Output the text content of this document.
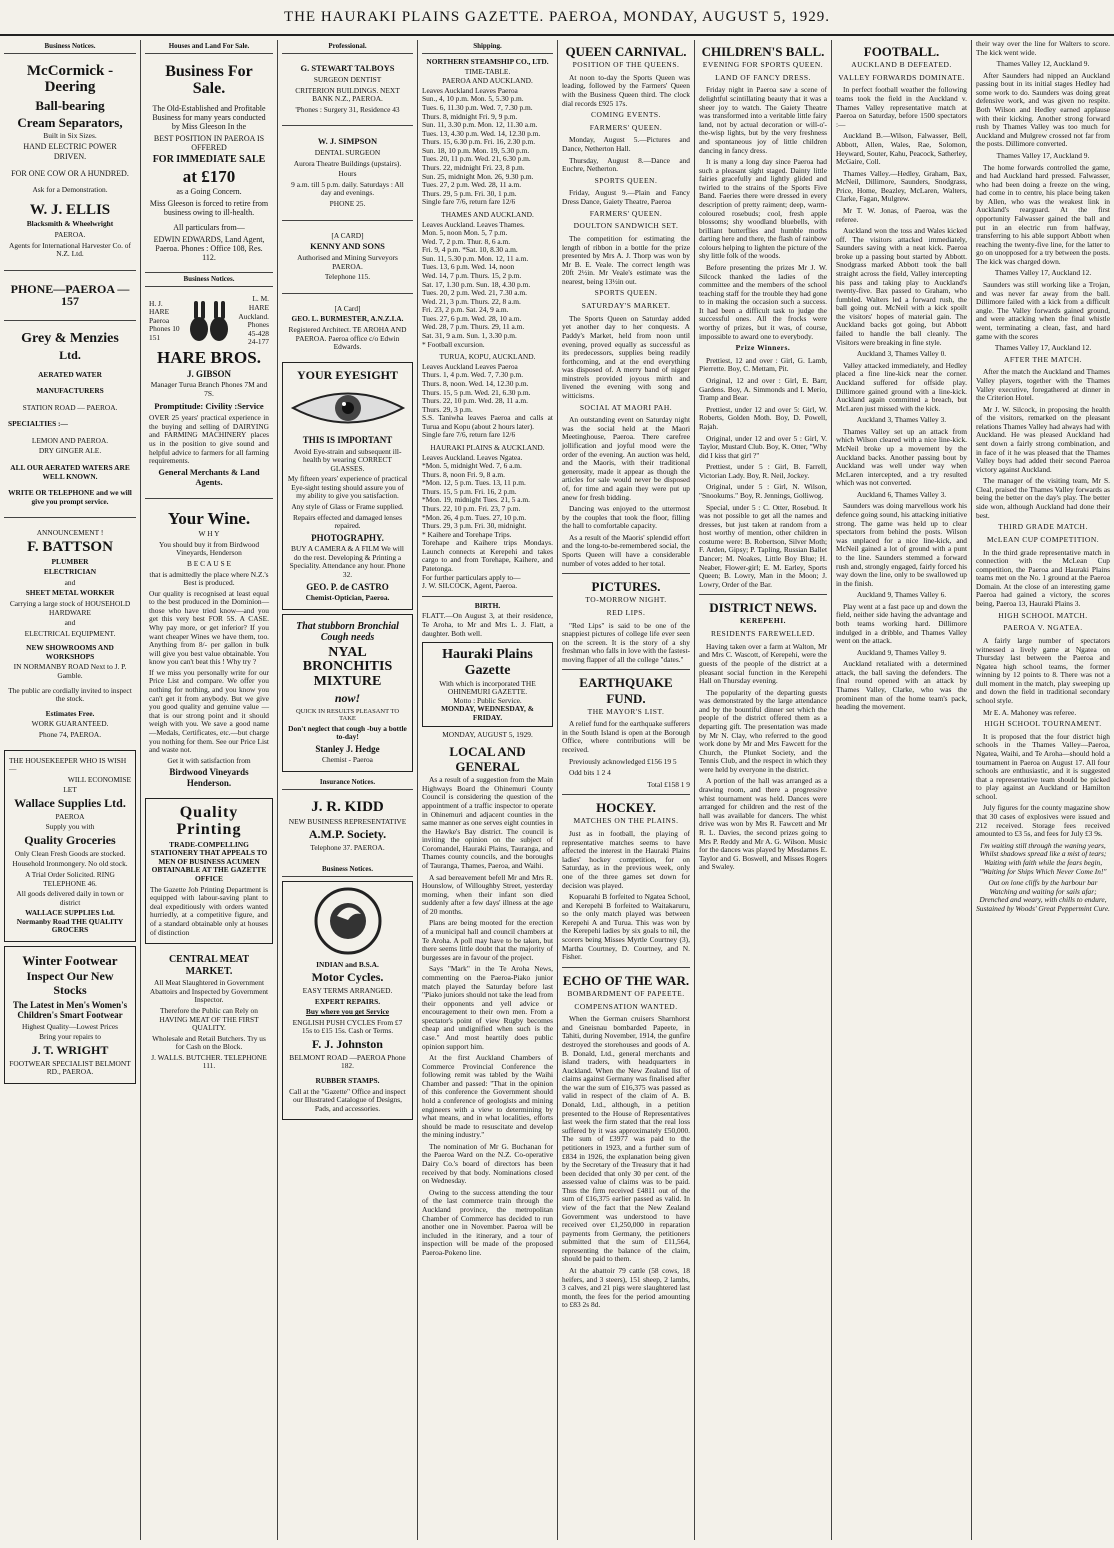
THE HAURAKI PLAINS GAZETTE. PAEROA, MONDAY, AUGUST 5, 1929.
Business Notices.

McCormick - Deering

Ball-bearing

Cream Separators,

Built in Six Sizes.

HAND ELECTRIC POWER DRIVEN.

FOR ONE COW OR A HUNDRED.

Ask for a Demonstration.

W. J. ELLIS

Blacksmith & Wheelwright

PAEROA.

Agents for International Harvester Co. of N.Z. Ltd.

PHONE—PAEROA —157

Grey & Menzies

Ltd.

AERATED WATER

MANUFACTURERS

STATION ROAD — PAEROA.

SPECIALTIES :—

LEMON AND PAEROA.

DRY GINGER ALE.

ALL OUR AERATED WATERS ARE WELL KNOWN.

WRITE OR TELEPHONE and we will give you prompt service.

ANNOUNCEMENT !

F. BATTSON

PLUMBER

ELECTRICIAN

and

SHEET METAL WORKER

Carrying a large stock of HOUSEHOLD HARDWARE

and

ELECTRICAL EQUIPMENT.

NEW SHOWROOMS AND WORKSHOPS

IN NORMANBY ROAD Next to J. P. Gamble.

The public are cordially invited to inspect the stock.

Estimates Free.

WORK GUARANTEED.

Phone 74, PAEROA.

THE HOUSEKEEPER WHO IS WISH—

WILL ECONOMISE

LET

Wallace Supplies Ltd.

PAEROA

Supply you with

Quality Groceries

Only Clean Fresh Goods are stocked.

Household Ironmongery. No old stock.

A Trial Order Solicited. RING TELEPHONE 46.

All goods delivered daily in town or district

WALLACE SUPPLIES Ltd. Normanby Road THE QUALITY GROCERS

Winter Footwear

Inspect Our New Stocks

The Latest in Men's Women's Children's Smart Footwear

Highest Quality—Lowest Prices

Bring your repairs to

J. T. WRIGHT

FOOTWEAR SPECIALIST BELMONT RD., PAEROA.

Houses and Land For Sale.

Business For Sale.

The Old-Established and Profitable Business for many years conducted by Miss Gleeson In the

BEST POSITION IN PAEROA IS OFFERED

FOR IMMEDIATE SALE

at £170

as a Going Concern.

Miss Gleeson is forced to retire from business owing to ill-health.

All particulars from—

EDWIN EDWARDS, Land Agent, Paeroa. Phones : Office 108, Res. 112.

Business Notices.
H. J. HARE Paeroa Phones 10 151
L. M. HARE Auckland. Phones 45-428 24-177

HARE BROS.

J. GIBSON

Manager Turua Branch Phones 7M and 7S.

Promptitude: Civility :Service

OVER 25 years' practical experience in the buying and selling of DAIRYING and FARMING MACHINERY places us in the position to give sound and helpful advice to farmers for all farming requirements.

General Merchants & Land Agents.

Your Wine.

W H Y

You should buy it from Birdwood Vineyards, Henderson

B E C A U S E

that is admittedly the place where N.Z.'s Best is produced.

Our quality is recognised at least equal to the best produced in the Dominion—those who have tried know—and you get this very best FOR 5S. A CASE. Why pay more, or get inferior? If you want cheaper Wines we have them, too. Anything from 8/- per gallon in bulk will give you best value obtainable. You know you can't beat this ! Why try ?

If we miss you personally write for our Price List and compare. We offer you nothing for nothing, and you know you can't get it from anybody. But we give you good quality and genuine value — that is our strong point and it should weigh with you. We save a good name—Medals, Certificates, etc.—but charge you nothing for them. See our Price List and waste not.

Get it with satisfaction from

Birdwood Vineyards Henderson.

Quality Printing

TRADE-COMPELLING STATIONERY THAT APPEALS TO MEN OF BUSINESS ACUMEN OBTAINABLE AT THE GAZETTE OFFICE

The Gazette Job Printing Department is equipped with labour-saving plant to deal expeditiously with orders wanted hurriedly, at a competitive figure, and of a standard obtainable only at houses of distinction

CENTRAL MEAT MARKET.

All Meat Slaughtered in Government Abattoirs and Inspected by Government Inspector.

Therefore the Public can Rely on HAVING MEAT OF THE FIRST QUALITY.

Wholesale and Retail Butchers. Try us for Cash on the Block.

J. WALLS. BUTCHER. TELEPHONE 111.

Professional.

G. STEWART TALBOYS

SURGEON DENTIST

CRITERION BUILDINGS. NEXT BANK N.Z., PAEROA.

'Phones : Surgery 31, Residence 43

W. J. SIMPSON

DENTAL SURGEON

Aurora Theatre Buildings (upstairs).

Hours

9 a.m. till 5 p.m. daily. Saturdays : All day and evenings.

PHONE 25.

[A CARD]

KENNY AND SONS

Authorised and Mining Surveyors PAEROA.

Telephone 115.

[A Card]

GEO. L. BURMESTER, A.N.Z.I.A.

Registered Architect. TE AROHA AND PAEROA. Paeroa office c/o Edwin Edwards.

YOUR EYESIGHT

THIS IS IMPORTANT

Avoid Eye-strain and subsequent ill-health by wearing CORRECT GLASSES.

My fifteen years' experience of practical Eye-sight testing should assure you of my ability to give you satisfaction.

Any style of Glass or Frame supplied.

Repairs effected and damaged lenses repaired.

PHOTOGRAPHY.

BUY A CAMERA & A FILM We will do the rest. Developing & Printing a Speciality. Attendance any hour. Phone 32.

GEO. P. de CASTRO

Chemist-Optician, Paeroa.

That stubborn Bronchial Cough needs

NYAL BRONCHITIS MIXTURE

now!

QUICK IN RESULTS PLEASANT TO TAKE

Don't neglect that cough -buy a bottle to-day!

Stanley J. Hedge

Chemist - Paeroa

Insurance Notices.

J. R. KIDD

NEW BUSINESS REPRESENTATIVE

A.M.P. Society.

Telephone 37. PAEROA.

Business Notices.

INDIAN and B.S.A.

Motor Cycles.

EASY TERMS ARRANGED.

EXPERT REPAIRS.

Buy where you get Service

ENGLISH PUSH CYCLES From £7 15s to £15 15s. Cash or Terms.

F. J. Johnston

BELMONT ROAD —PAEROA Phone 182.

RUBBER STAMPS.

Call at the "Gazette" Office and inspect our Illustrated Catalogue of Designs, Pads, and accessories.

Shipping.

NORTHERN STEAMSHIP CO., LTD.

TIME-TABLE.

PAEROA AND AUCKLAND.

Leaves Auckland Leaves Paeroa
Sun., 4, 10 p.m. Mon. 5, 5.30 p.m.
Tues. 6, 11.30 p.m. Wed. 7, 7.30 p.m.
Thurs. 8, midnight Fri. 9, 9 p.m.
Sun. 11, 3.30 p.m. Mon. 12, 11.30 a.m.
Tues. 13, 4.30 p.m. Wed. 14, 12.30 p.m.
Thurs. 15, 6.30 p.m. Fri. 16, 2.30 p.m.
Sun. 18, 10 p.m. Mon. 19, 5.30 p.m.
Tues. 20, 11 p.m. Wed. 21, 6.30 p.m.
Thurs. 22, midnight Fri. 23, 8 p.m.
Sun. 25, midnight Mon. 26, 9.30 p.m.
Tues. 27, 2 p.m. Wed. 28, 11 a.m.
Thurs. 29, 5 p.m. Fri. 30, 1 p.m.
Single fare 7/6, return fare 12/6

THAMES AND AUCKLAND.

Leaves Auckland. Leaves Thames.
Mon. 5, noon Mon. 5, 7 p.m.
Wed. 7, 2 p.m. Thur. 8, 6 a.m.
Fri. 9, 4 p.m. *Sat. 10, 8.30 a.m.
Sun. 11, 5.30 p.m. Mon. 12, 11 a.m.
Tues. 13, 6 p.m. Wed. 14, noon
Wed. 14, 7 p.m. Thurs. 15, 2 p.m.
Sat. 17, 1.30 p.m. Sun. 18, 4.30 p.m.
Tues. 20, 2 p.m. Wed. 21, 7.30 a.m.
Wed. 21, 3 p.m. Thurs. 22, 8 a.m.
Fri. 23, 2 p.m. Sat. 24, 9 a.m.
Tues. 27, 6 p.m. Wed. 28, 10 a.m.
Wed. 28, 7 p.m. Thurs. 29, 11 a.m.
Sat. 31, 9 a.m. Sun. 1, 3.30 p.m.
* Football excursion.

TURUA, KOPU, AUCKLAND.

Leaves Auckland Leaves Paeroa
Thurs. 1, 4 p.m. Wed. 7, 7.30 p.m.
Thurs. 8, noon. Wed. 14, 12.30 p.m.
Thurs. 15, 5 p.m. Wed. 21, 6.30 p.m.
Thurs. 22, 10 p.m. Wed. 28, 11 a.m.
Thurs. 29, 3 p.m.
S.S. Taniwha leaves Paeroa and calls at Turua and Kopu (about 2 hours later).
Single fare 7/6, return fare 12/6

HAURAKI PLAINS & AUCKLAND.

Leaves Auckland. Leaves Ngatea.
*Mon. 5, midnight Wed. 7, 6 a.m.
Thurs. 8, noon Fri. 9, 8 a.m.
*Mon. 12, 5 p.m. Tues. 13, 11 p.m.
Thurs. 15, 5 p.m. Fri. 16, 2 p.m.
*Mon. 19, midnight Tues. 21, 5 a.m.
Thurs. 22, 10 p.m. Fri. 23, 7 p.m.
*Mon. 26, 4 p.m. Tues. 27, 10 p.m.
Thurs. 29, 3 p.m. Fri. 30, midnight.
* Kaihere and Torehape Trips.
Torehape and Kaihere trips Mondays. Launch connects at Kerepehi and takes cargo to and from Torehape, Kaihere, and Patetonga.
For further particulars apply to—
J. W. SILCOCK, Agent, Paeroa.

BIRTH.

FLATT.—On August 3, at their residence, Te Aroha, to Mr and Mrs L. J. Flatt, a daughter. Both well.

Hauraki Plains Gazette
With which is incorporated THE OHINEMURI GAZETTE.
Motto : Public Service.
MONDAY, WEDNESDAY, & FRIDAY.

MONDAY, AUGUST 5, 1929.

LOCAL AND GENERAL

As a result of a suggestion from the Main Highways Board the Ohinemuri County Council is considering the question of the appointment of a traffic inspector to operate in Ohinemuri and adjacent counties in the same manner as one serves eight counties in the Hawke's Bay district. The council is inviting the opinion on the subject of Coromandel, Hauraki Plains, Tauranga, and Thames county councils, and the boroughs of Tauranga, Thames, Paeroa, and Waihi.

A sad bereavement befell Mr and Mrs R. Hounslow, of Willoughby Street, yesterday morning, when their infant son died suddenly after a few days' illness at the age of 20 months.

Plans are being mooted for the erection of a municipal hall and council chambers at Te Aroha. A poll may have to be taken, but there seems little doubt that the majority of burgesses are in favour of the project.

Says "Mark" in the Te Aroha News, commenting on the Paeroa-Piako junior match played the Saturday before last "Piako juniors should not take the lead from their opponents and yell advice or encouragement to their own men. From a spectator's point of view Rugby becomes cheap and undignified when such is the case." And most heartily does public opinion support him.

At the first Auckland Chambers of Commerce Provincial Conference the following remit was tabled by the Waihi Chamber and passed: "That in the opinion of this conference the Government should hold a conference of geologists and mining engineers with a view to determining by what means, and in what localities, efforts should be made to resuscitate and develop the mining industry."

The nomination of Mr G. Buchanan for the Paeroa Ward on the N.Z. Co-operative Dairy Co.'s board of directors has been received by that body. Nominations closed on Wednesday.

Owing to the success attending the tour of the last commerce train through the Auckland province, the metropolitan Chamber of Commerce has decided to run another one in November. Paeroa will be included in the itinerary, and a tour of inspection will be made of the proposed Paeroa-Pokeno line.

QUEEN CARNIVAL.
POSITION OF THE QUEENS.

At noon to-day the Sports Queen was leading, followed by the Farmers' Queen with the Business Queen third. The clock dial records £925 17s.

COMING EVENTS.
FARMERS' QUEEN.

Monday, August 5.—Pictures and Dance, Netherton Hall.

Thursday, August 8.—Dance and Euchre, Netherton.

SPORTS QUEEN.

Friday, August 9.—Plain and Fancy Dress Dance, Gaiety Theatre, Paeroa

FARMERS' QUEEN.
DOULTON SANDWICH SET.

The competition for estimating the length of ribbon in a bottle for the prize presented by Mrs A. J. Thorp was won by Mr B. E. Veale. The correct length was 20ft 2½in. Mr Veale's estimate was the nearest, being 13½in out.

SPORTS QUEEN.
SATURDAY'S MARKET.

The Sports Queen on Saturday added yet another day to her conquests. A Paddy's Market, held from noon until evening, proved equally as successful as its predecessors, supplies being readily forthcoming, and at the end everything was disposed of. A merry band of nigger minstrels provided joyous mirth and livened the evening with song and witticisms.

SOCIAL AT MAORI PAH.

An outstanding event on Saturday night was the social held at the Maori Meetinghouse, Paeroa. There carefree jollification and joyful mood were the order of the evening. An auction was held, and the Maoris, with their traditional generosity, made it appear as though the articles for sale would never be disposed of, for time and again they were put up anew for fresh bidding.

Dancing was enjoyed to the uttermost by the couples that took the floor, filling the hall to comfortable capacity.

As a result of the Maoris' splendid effort and the long-to-be-remembered social, the Sports Queen will have a considerable number of votes added to her total.

PICTURES.
TO-MORROW NIGHT.
RED LIPS.

"Red Lips" is said to be one of the snappiest pictures of college life ever seen on the screen. It is the story of a shy freshman who falls in love with the fastest-moving flapper of all the college "dates."

EARTHQUAKE FUND.
THE MAYOR'S LIST.

A relief fund for the earthquake sufferers in the South Island is open at the Borough Office, where contributions will be received.

Previously acknowledged £156 19 5

Odd bits 1 2 4

Total £158 1 9

HOCKEY.
MATCHES ON THE PLAINS.

Just as in football, the playing of representative matches seems to have affected the interest in the Hauraki Plains ladies' hockey competition, for on Saturday, as in the previous week, only one of the three games set down for decision was played.

Kopuarahi B forfeited to Ngatea School, and Kerepehi B forfeited to Waitakaruru, so the only match played was between Kerepehi A and Turua. This was won by the Kerepehi ladies by six goals to nil, the scorers being Misses Myrtle Courtney (3), Martha Courtney, D. Courtney, and N. Fisher.

ECHO OF THE WAR.
BOMBARDMENT OF PAPEETE.
COMPENSATION WANTED.

When the German cruisers Sharnhorst and Gneisnau bombarded Papeete, in Tahiti, during November, 1914, the gunfire destroyed the storehouses and goods of A. B. Donald, Ltd., general merchants and island traders, with headquarters in Auckland. When the New Zealand list of claims against Germany was finalised after the war the sum of £16,375 was passed as valid in respect of the claim of A. B. Donald, Ltd., although, in a petition presented to the House of Representatives last week the firm stated that the real loss suffered by it was approximately £50,000. The sum of £3977 was paid to the petitioners in 1923, and a further sum of £834 in 1926, the explanation being given by the Secretary of the Treasury that it had been decided that only 30 per cent. of the assessed value of claims was to be paid. Thus the firm received £4811 out of the sum of £16,375 earlier passed as valid. In view of the fact that the New Zealand Government was understood to have received over £1,250,000 in reparation payments from Germany, the petitioners submitted that the sum of £11,564, representing the balance of the claim, should be paid to them.

At the abattoir 79 cattle (58 cows, 18 heifers, and 3 steers), 151 sheep, 2 lambs, 3 calves, and 21 pigs were slaughtered last month, the fees for the period amounting to £83 2s 8d.

CHILDREN'S BALL.
EVENING FOR SPORTS QUEEN.
LAND OF FANCY DRESS.

Friday night in Paeroa saw a scene of delightful scintillating beauty that it was a sheer joy to watch. The Gaiety Theatre was transformed into a veritable little fairy land, not by actual decoration or will-o'-the-wisp lights, but by the very freshness and spontaneous joy of little children dancing in fancy dress.

It is many a long day since Paeroa had such a pleasant sight staged. Dainty little fairies gracefully and lightly glided and twirled to the strains of the Sports Five Band. Faeries there were dressed in every description of pretty raiment; deep, warm-coloured rosebuds; cool, fresh apple blossoms; shy woodland bluebells, with brilliant butterflies and humble moths darting here and there, the flash of rainbow colours helping to lighten the picture of the shy little folk of the woods.

Before presenting the prizes Mr J. W. Silcock thanked the ladies of the committee and the members of the school teaching staff for the trouble they had gone to in making the occasion such a success. It had been a difficult task to judge the successful ones. All the frocks were worthy of prizes, but it was, of course, impossible to award one to everybody.

Prize Winners.

Prettiest, 12 and over : Girl, G. Lamb, Pierrette. Boy, C. Mettam, Pit.

Original, 12 and over : Girl, E. Barr, Gardens. Boy, A. Simmonds and I. Merio, Tramp and Bear.

Prettiest, under 12 and over 5: Girl, W. Roberts, Golden Moth. Boy, D. Powell, Rajah.

Original, under 12 and over 5 : Girl, V. Taylor, Mustard Club. Boy, K. Otter, "Why did I kiss that girl ?"

Prettiest, under 5 : Girl, B. Farrell, Victorian Lady. Boy, R. Neil, Jockey.

Original, under 5 : Girl, N. Wilson, "Snookums." Boy, R. Jennings, Golliwog.

Special, under 5 : C. Otter, Rosebud. It was not possible to get all the names and dresses, but just taken at random from a host worthy of mention, other children in costume were: B. Robertson, Silver Moth; F. Arden, Gipsy; P. Tapling, Russian Ballet Dancer; M. Noakes, Little Boy Blue; H. Neaber, Flower-girl; E. M. Earley, Sports Queen; B. Lowry, Man in the Moon; J. Lowry, Order of the Bar.

DISTRICT NEWS.
KEREPEHI.
RESIDENTS FAREWELLED.

Having taken over a farm at Walton, Mr and Mrs C. Wascott, of Kerepehi, were the guests of the people of the district at a pleasant social function in the Kerepehi Hall on Thursday evening.

The popularity of the departing guests was demonstrated by the large attendance and by the bountiful dinner set which the people of the district offered them as a departing gift. The presentation was made by Mr N. Clay, who referred to the good work done by Mr and Mrs Fawcett for the Church, the Plunket Society, and the Tennis Club, and the respect in which they were held by everyone in the district.

A portion of the hall was arranged as a drawing room, and there a progressive whist tournament was held. Dances were arranged for children and the rest of the hall was available for dancers. The whist drive was won by Mrs R. Fawcett and Mr R. L. Davies, the second prizes going to Mrs P. Reddy and Mr A. G. Wilson. Music for the dances was played by Mesdames E. Taylor and G. Boswell, and Misses Rogers and Swaley.

FOOTBALL.
AUCKLAND B DEFEATED.
VALLEY FORWARDS DOMINATE.

In perfect football weather the following teams took the field in the Auckland v. Thames Valley representative match at Paeroa on Saturday, before 1500 spectators :—

Auckland B.—Wilson, Falwasser, Bell, Abbott, Allen, Wales, Rae, Solomon, Heyward, Souter, Kahu, Peacock, Satherley, McGaire, Coll.

Thames Valley.—Hedley, Graham, Bax, McNeil, Dillimore, Saunders, Snodgrass, Price, Home, Beazley, McLaren, Walters, Clarke, Fagan, Mulgrew.

Mr T. W. Jonas, of Paeroa, was the referee.

Auckland won the toss and Wales kicked off. The visitors attacked immediately, Saunders saving with a neat kick. Paeroa broke up a passing bout started by Abbott. Snodgrass marked Abbott took the ball straight across the field, Valley intercepting his pass and taking play to Auckland's twenty-five. Bax passed to Graham, who fumbled. Walters led a forward rush, the ball going out. McNeil with a kick spoilt the visitors' hopes of material gain. The Auckland backs got going, but Abbott failed to handle the ball cleanly. The Visitors were breaking in fine style.

Auckland 3, Thames Valley 0.

Valley attacked immediately, and Hedley placed a fine line-kick near the corner. Auckland suffered for offside play. Dillimore gained ground with a line-kick. Auckland again committed a breach, but McLaren just missed with the kick.

Auckland 3, Thames Valley 3.

Thames Valley set up an attack from which Wilson cleared with a nice line-kick. McNeil broke up a movement by the Auckland backs. Another passing bout by Auckland was well under way when McLaren intercepted, and a try resulted which was not converted.

Auckland 6, Thames Valley 3.

Saunders was doing marvellous work his defence going sound, his attacking initiative strong. The game was held up to clear spectators from behind the posts. Wilson was unplaced for a nice line-kick, and McNeil gained a lot of ground with a punt to the line. Saunders stemmed a forward rush and, strongly engaged, fairly forced his way down the line, only to be swallowed up in the finish.

Auckland 9, Thames Valley 6.

Play went at a fast pace up and down the field, neither side having the advantage and both teams working hard. Dillimore indulged in a dribble, and Thames Valley went on the attack.

Auckland 9, Thames Valley 9.

Auckland retaliated with a determined attack, the ball saving the defenders. The final round opened with an attack by Thames Valley, Clarke, who was the prominent man of the home team's pack, heading the movement.

their way over the line for Walters to score. The kick went wide.

Thames Valley 12, Auckland 9.

After Saunders had nipped an Auckland passing bout in its initial stages Hedley had some work to do. Saunders was doing great defensive work, and was given no respite. Both Wilson and Hedley earned applause with their kicking. Another strong forward rush by Thames Valley was too much for Auckland and Mulgrew crossed not far from the posts. Dillimore converted.

Thames Valley 17, Auckland 9.

The home forwards controlled the game, and had Auckland hard pressed. Falwasser, who had been doing a freeze on the wing, had come in to centre, his place being taken by Allen, who was the weakest link in Auckland's rearguard. At the first opportunity Falwasser gained the ball and put in an electric run from halfway, transferring to his able support Abbott when reaching the twenty-five line, for the latter to go on unopposed for a try between the posts. The kick was charged down.

Thames Valley 17, Auckland 12.

Saunders was still working like a Trojan, and was never far away from the ball. Dillimore failed with a kick from a difficult angle. The Valley forwards gained ground, and were attacking when the final whistle went, terminating a clean, fast, and hard game with the scores

Thames Valley 17, Auckland 12.

AFTER THE MATCH.

After the match the Auckland and Thames Valley players, together with the Thames Valley executive, foregathered at dinner in the Criterion Hotel.

Mr J. W. Silcock, in proposing the health of the visitors, remarked on the pleasant relations Thames Valley had always had with Auckland. He was pleased Auckland had sent down a fairly strong combination, and in face of it he was pleased that the Thames Valley boys had added their second Paeroa victory against Auckland.

The manager of the visiting team, Mr S. Cleal, praised the Thames Valley forwards as being the better on the day's play. The better side won, although Auckland had done their best.

THIRD GRADE MATCH.
McLEAN CUP COMPETITION.

In the third grade representative match in connection with the McLean Cup competition, the Paeroa and Hauraki Plains teams met on the No. 1 ground at the Paeroa Domain. At the close of an interesting game Paeroa had gained a victory, the scores being, Paeroa 13, Hauraki Plains 3.

HIGH SCHOOL MATCH.
PAEROA V. NGATEA.

A fairly large number of spectators witnessed a lively game at Ngatea on Thursday last between the Paeroa and Ngatea high school teams, the former winning by 12 points to 8. There was not a dull moment in the match, play sweeping up and down the field in traditional secondary school style.

Mr E. A. Mahoney was referee.

HIGH SCHOOL TOURNAMENT.

It is proposed that the four district high schools in the Thames Valley—Paeroa, Ngatea, Waihi, and Te Aroha—should hold a tournament in Paeroa on August 17. All four schools are enthusiastic, and it is suggested that a representative team should be picked to play against an Auckland or Hamilton school.

July figures for the county magazine show that 30 cases of explosives were issued and 212 received. Storage fees received amounted to £3 5s, and fees for July £3 9s.

I'm waiting still through the waning years, Whilst shadows spread like a mist of tears; Waiting with faith while the fears begin, "Waiting for Ships Which Never Come In!"

Out on lone cliffs by the harbour bar Watching and waiting for sails afar; Drenched and weary, with chills to endure, Sustained by Woods' Great Peppermint Cure.
